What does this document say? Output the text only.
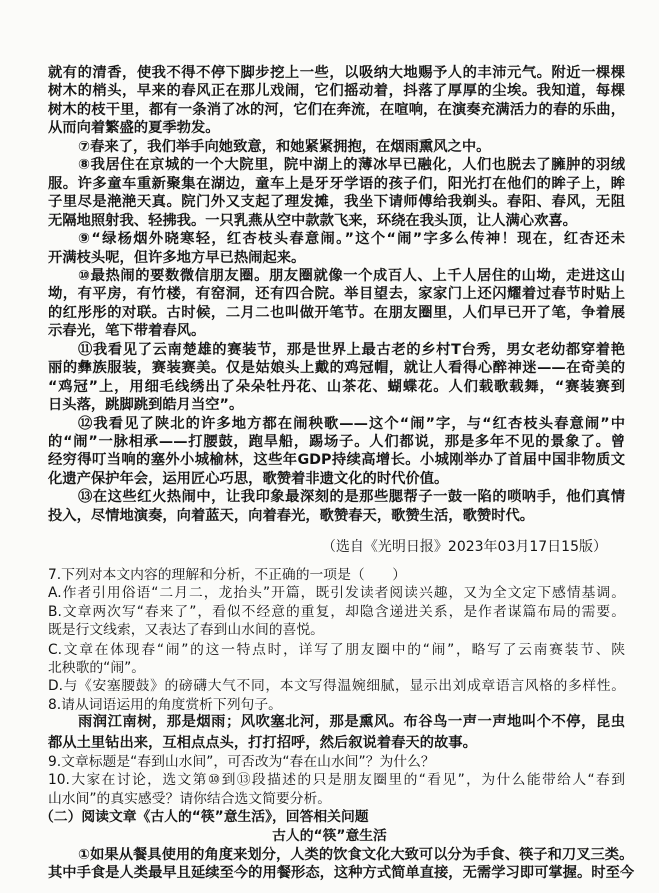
就有的清香，使我不得不停下脚步挖上一些，以吸纳大地赐予人的丰沛元气。附近一棵棵
树木的梢头，早来的春风正在那儿戏闹，它们摇动着，抖落了厚厚的尘埃。我知道，每棵
树木的枝干里，都有一条消了冰的河，它们在奔流，在喧响，在演奏充满活力的春的乐曲，
从而向着繁盛的夏季勃发。
⑦春来了，我们举手向她致意，和她紧紧拥抱，在烟雨熏风之中。
⑧我居住在京城的一个大院里，院中湖上的薄冰早已融化，人们也脱去了臃肿的羽绒
服。许多童车重新聚集在湖边，童车上是牙牙学语的孩子们，阳光打在他们的眸子上，眸
子里尽是滟滟天真。院门外又支起了理发摊，我坐下请师傅给我剃头。春阳、春风，无阻
无隔地照射我、轻拂我。一只乳燕从空中款款飞来，环绕在我头顶，让人满心欢喜。
⑨“绿杨烟外晓寒轻，红杏枝头春意闹。”这个“闹”字多么传神！现在，红杏还未
开满枝头呢，但许多地方早已热闹起来。
⑩最热闹的要数微信朋友圈。朋友圈就像一个成百人、上千人居住的山坳，走进这山
坳，有平房，有竹楼，有窑洞，还有四合院。举目望去，家家门上还闪耀着过春节时贴上
的红彤彤的对联。古时候，二月二也叫做开笔节。在朋友圈里，人们早已开了笔，争着展
示春光，笔下带着春风。
⑪我看见了云南楚雄的赛装节，那是世界上最古老的乡村T台秀，男女老幼都穿着艳
丽的彝族服装，赛装赛美。仅是姑娘头上戴的鸡冠帽，就让人看得心醉神迷——在奇美的
“鸡冠”上，用细毛线绣出了朵朵牡丹花、山茶花、蝴蝶花。人们载歌载舞，“赛装赛到
日头落，跳脚跳到皓月当空”。
⑫我看见了陕北的许多地方都在闹秧歌——这个“闹”字，与“红杏枝头春意闹”中
的“闹”一脉相承——打腰鼓，跑旱船，踢场子。人们都说，那是多年不见的景象了。曾
经穷得叮当响的塞外小城榆林，这些年GDP持续高增长。小城刚举办了首届中国非物质文
化遗产保护年会，运用匠心巧思，歌赞着非遗文化的时代价值。
⑬在这些红火热闹中，让我印象最深刻的是那些腮帮子一鼓一陷的唢呐手，他们真情
投入，尽情地演奏，向着蓝天，向着春光，歌赞春天，歌赞生活，歌赞时代。
（选自《光明日报》2023年03月17日15版）
7.下列对本文内容的理解和分析，不正确的一项是（　　）
A.作者引用俗语“二月二，龙抬头”开篇，既引发读者阅读兴趣，又为全文定下感情基调。
B.文章两次写“春来了”，看似不经意的重复，却隐含递进关系，是作者谋篇布局的需要。
既是行文线索，又表达了春到山水间的喜悦。
C.文章在体现春“闹”的这一特点时，详写了朋友圈中的“闹”，略写了云南赛装节、陕
北秧歌的“闹”。
D.与《安塞腰鼓》的磅礴大气不同，本文写得温婉细腻，显示出刘成章语言风格的多样性。
8.请从词语运用的角度赏析下列句子。
雨润江南树，那是烟雨；风吹塞北河，那是熏风。布谷鸟一声一声地叫个不停，昆虫
都从土里钻出来，互相点点头，打打招呼，然后叙说着春天的故事。
9.文章标题是“春到山水间”，可否改为“春在山水间”？为什么？
10.大家在讨论，选文第⑩到⑬段描述的只是朋友圈里的“看见”，为什么能带给人“春到
山水间”的真实感受？请你结合选文简要分析。
（二）阅读文章《古人的“筷”意生活》，回答相关问题
古人的“筷”意生活
①如果从餐具使用的角度来划分，人类的饮食文化大致可以分为手食、筷子和刀叉三类。
其中手食是人类最早且延续至今的用餐形态，这种方式简单直接，无需学习即可掌握。时至今
